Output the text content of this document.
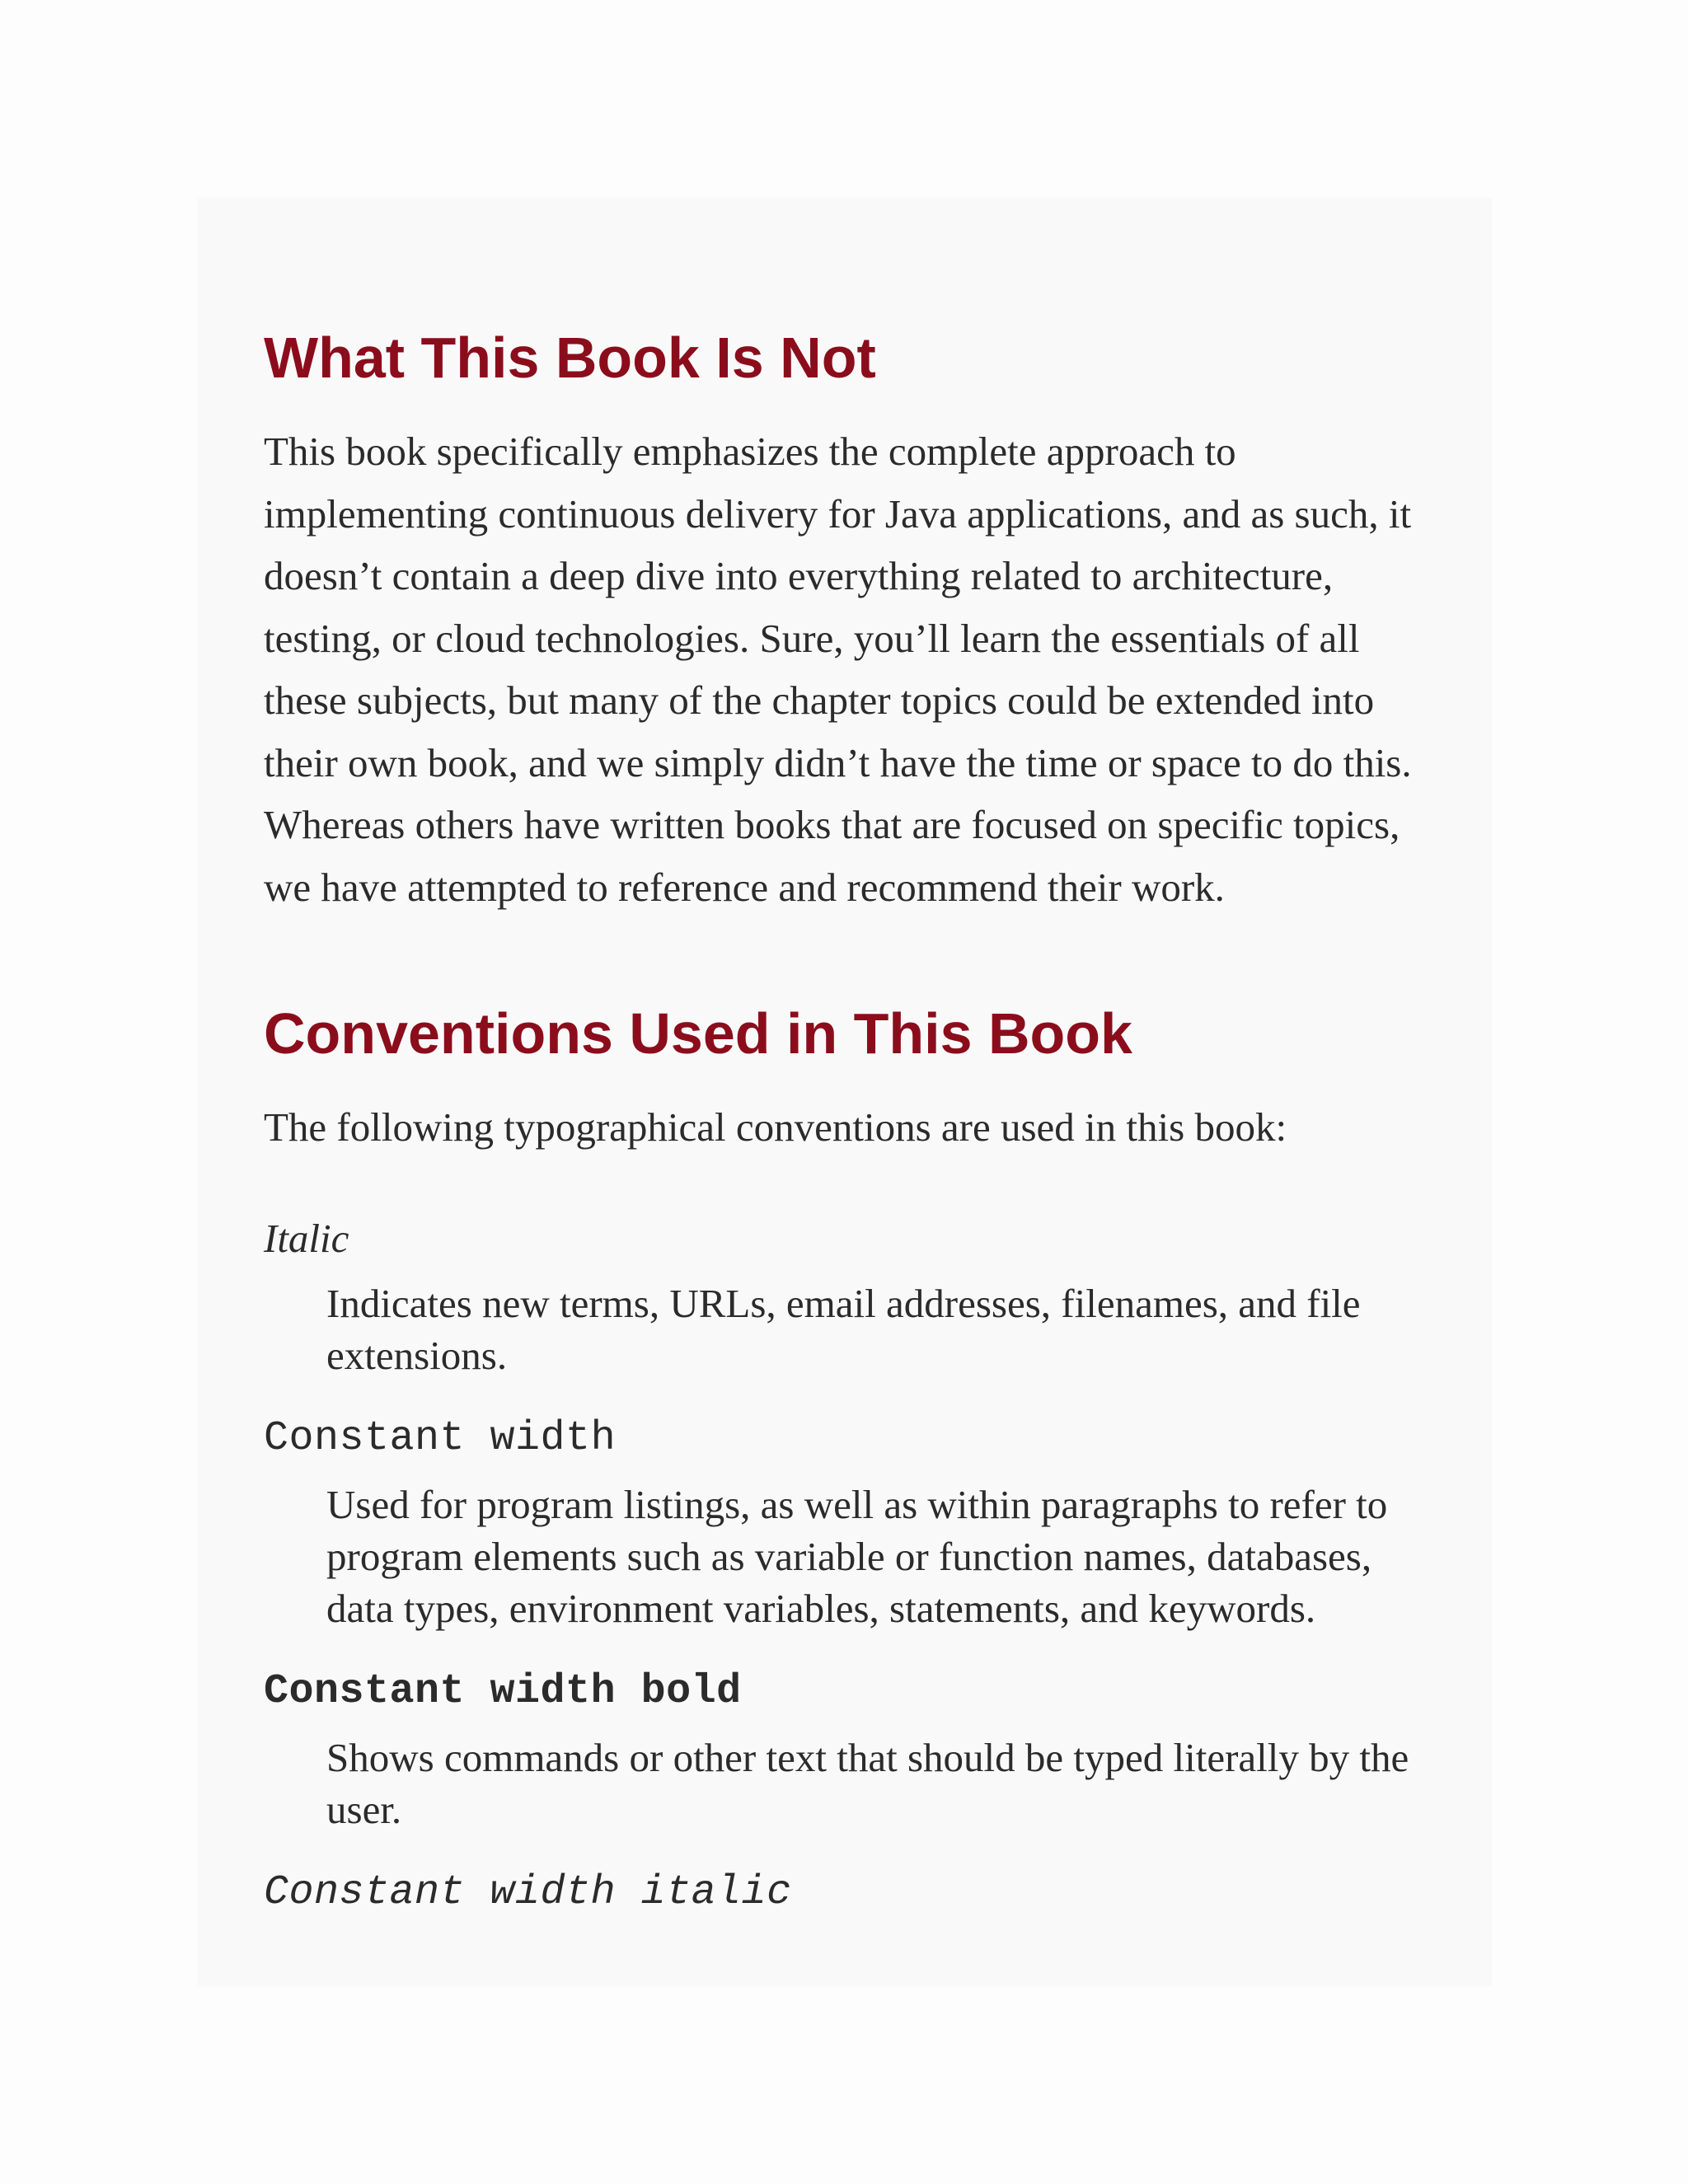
What This Book Is Not

This book specifically emphasizes the complete approach to implementing continuous delivery for Java applications, and as such, it doesn’t contain a deep dive into everything related to architecture, testing, or cloud technologies. Sure, you’ll learn the essentials of all these subjects, but many of the chapter topics could be extended into their own book, and we simply didn’t have the time or space to do this. Whereas others have written books that are focused on specific topics, we have attempted to reference and recommend their work.

Conventions Used in This Book

The following typographical conventions are used in this book:

Italic
Indicates new terms, URLs, email addresses, filenames, and file extensions.
Constant width
Used for program listings, as well as within paragraphs to refer to program elements such as variable or function names, databases, data types, environment variables, statements, and keywords.
Constant width bold
Shows commands or other text that should be typed literally by the user.
Constant width italic
